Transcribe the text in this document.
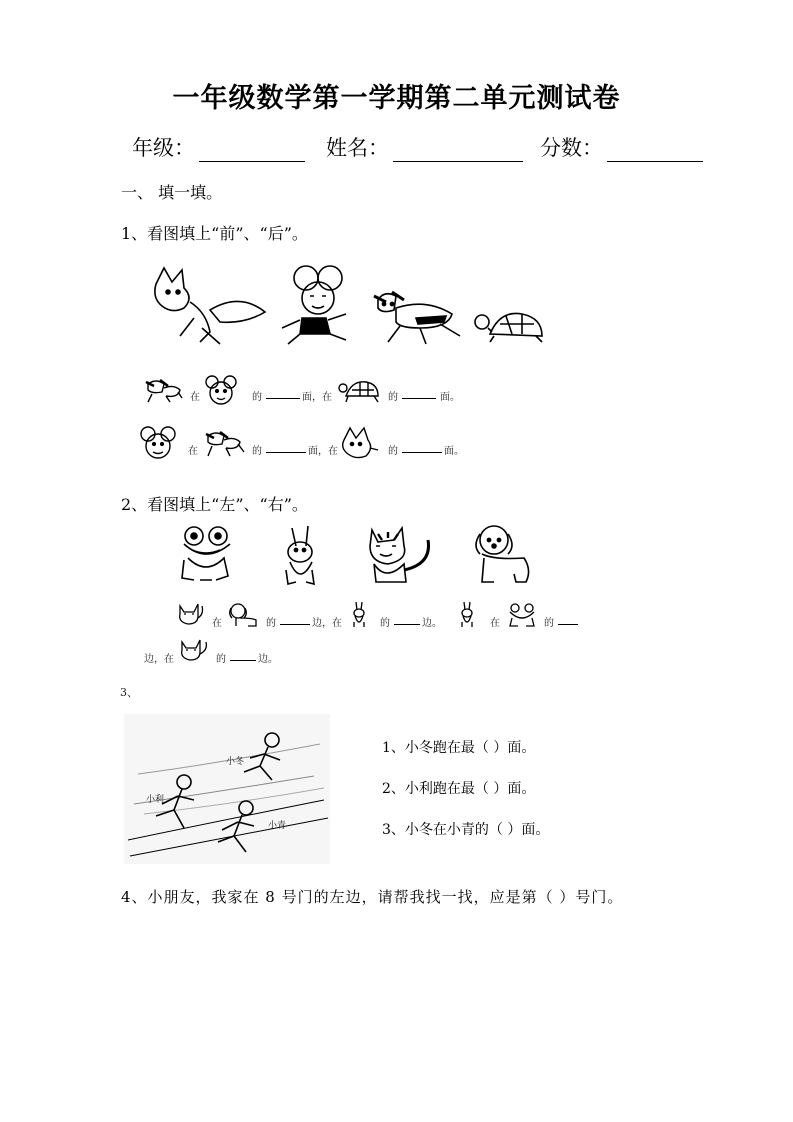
一年级数学第一学期第二单元测试卷
年级：	姓名：	分数：
一、 填一填。
1、看图填上“前”、“后”。
在	的	面，在	的	面。
在	的	面，在	的	面。
2、看图填上“左”、“右”。
在	的	边，在	的	边。	在	的
边，在	的	边。
3、
小冬
小利
小青
1、小冬跑在最（ ）面。
2、小利跑在最（ ）面。
3、小冬在小青的（ ）面。
4、小朋友，我家在 8 号门的左边，请帮我找一找，应是第（ ）号门。
